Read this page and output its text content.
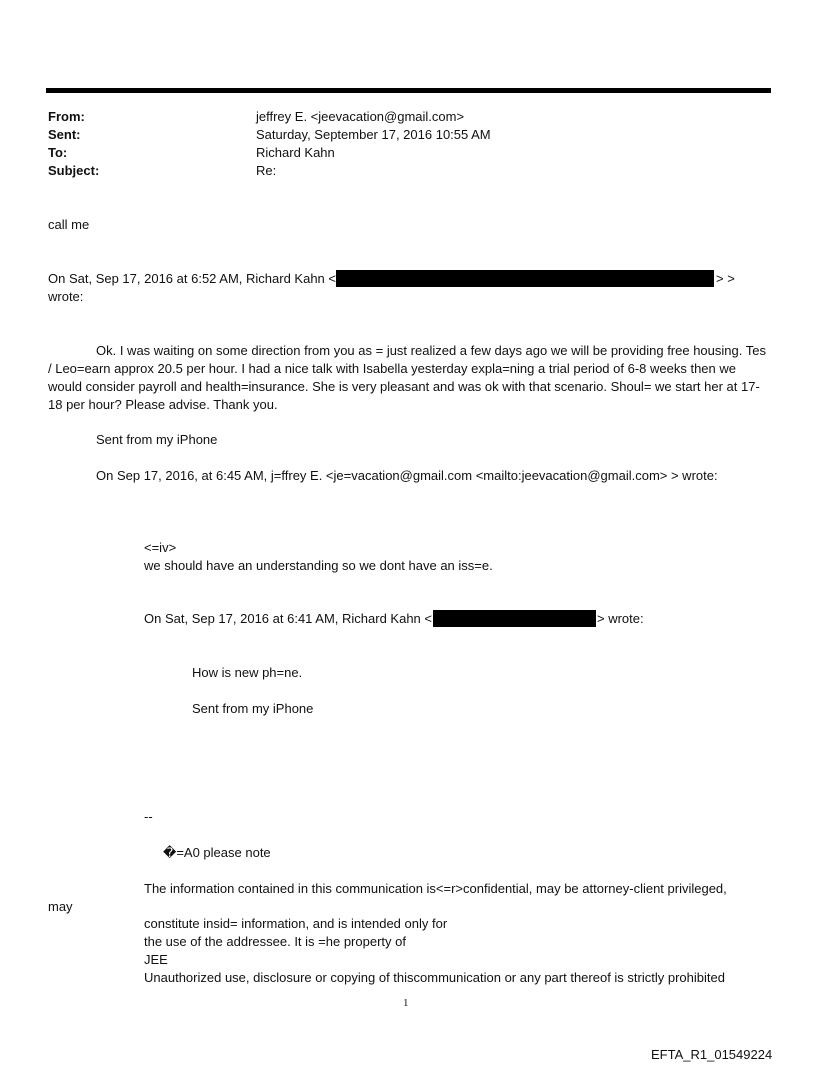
From:	jeffrey E. <jeevacation@gmail.com>
Sent:	Saturday, September 17, 2016 10:55 AM
To:	Richard Kahn
Subject:	Re:
call me
On Sat, Sep 17, 2016 at 6:52 AM, Richard Kahn <	> >
wrote:
Ok. I was waiting on some direction from you as = just realized a few days ago we will be providing free housing. Tes / Leo=earn approx 20.5 per hour. I had a nice talk with Isabella yesterday expla=ning a trial period of 6-8 weeks then we would consider payroll and health=insurance. She is very pleasant and was ok with that scenario. Shoul= we start her at 17-18 per hour? Please advise. Thank you.
Sent from my iPhone
On Sep 17, 2016, at 6:45 AM, j=ffrey E. <je=vacation@gmail.com <mailto:jeevacation@gmail.com> > wrote:
<=iv>
we should have an understanding so we dont have an iss=e.
On Sat, Sep 17, 2016 at 6:41 AM, Richard Kahn <	> wrote:
How is new ph=ne.
Sent from my iPhone
--
�=A0 please note
The information contained in this communication is<=r>confidential, may be attorney-client privileged,
may
constitute insid= information, and is intended only for
the use of the addressee. It is =he property of
JEE
Unauthorized use, disclosure or copying of thiscommunication or any part thereof is strictly prohibited
1
EFTA_R1_01549224
